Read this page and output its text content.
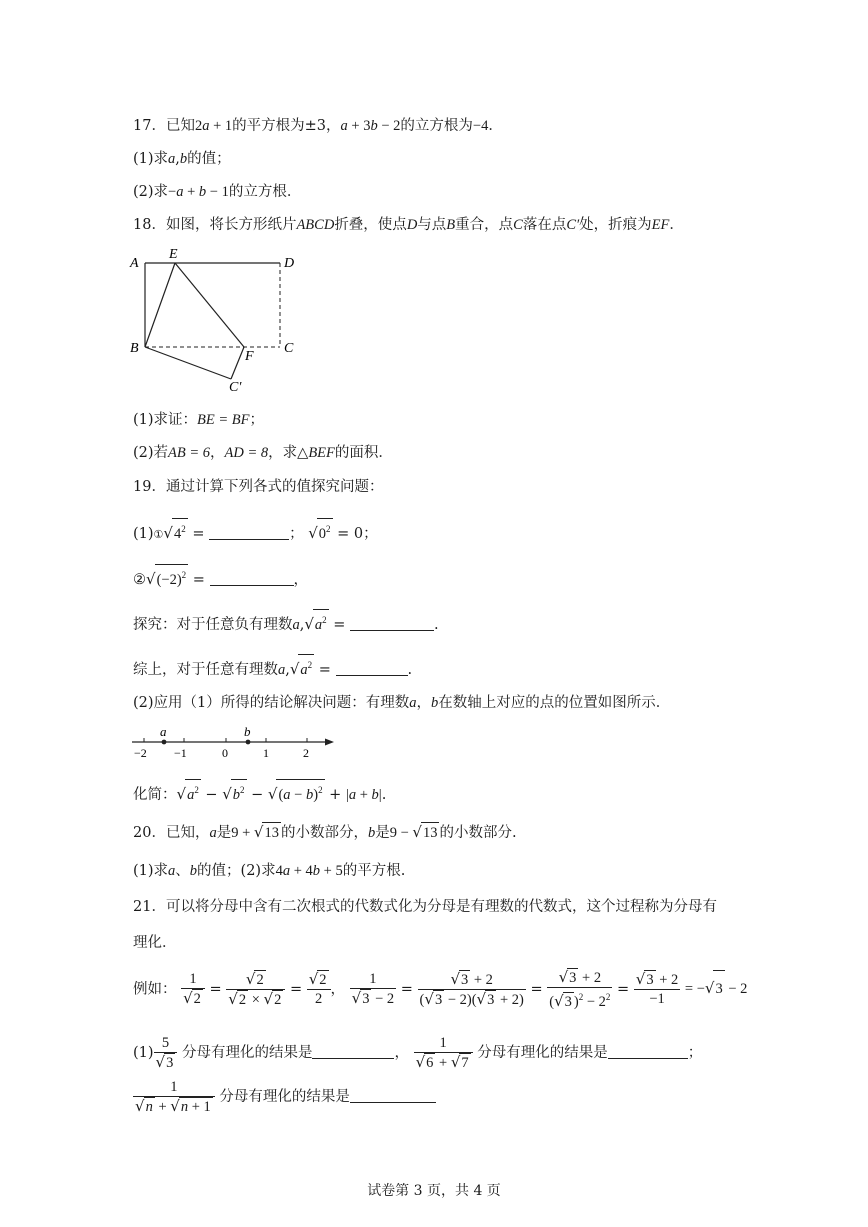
17．已知2a + 1的平方根为±3，a + 3b − 2的立方根为−4．
(1)求a,b的值；
(2)求−a + b − 1的立方根．
18．如图，将长方形纸片ABCD折叠，使点D与点B重合，点C落在点C′处，折痕为EF．
A
E
D
B
F
C
C′
(1)求证：BE = BF；
(2)若AB = 6，AD = 8，求△BEF的面积．
19．通过计算下列各式的值探究问题：
$(1)①√4^2$ =	； $√0^2 = 0$；
$②√(-2)^2$ =	，
探究：对于任意负有理数$a,√a^2$ =	.
综上，对于任意有理数$a,√a^2$ =	.
(2)应用（1）所得的结论解决问题：有理数a，b在数轴上对应的点的位置如图所示．
a	b
−2 −1	0	1	2
化简：$√a^2 - √b^2 - √(a - b)^2 + |a + b|$.
20．已知，a是9 + √13 的小数部分，b是9 − √13 的小数部分.
(1)求a、b的值；(2)求4a + 4b + 5的平方根.
21．可以将分母中含有二次根式的代数式化为分母是有理数的代数式，这个过程称为分母有
理化．
例如： $\frac{1}{√2} = \frac{√2}{√2 \times √2} = \frac{√2}{2}$ ， $\frac{1}{√3 - 2} = \frac{√3 + 2}{(√3 - 2)(√3 + 2)} = \frac{√3 + 2}{(√3 )^2 - 2^2} = \frac{√3 + 2}{-1} = -√3 - 2$
$(1) \frac{5}{√3}$ 分母有理化的结果是	， $\frac{1}{√6 + √7}$ 分母有理化的结果是	；
$\frac{1}{√n + √n + 1}$ 分母有理化的结果是
试卷第 3 页，共 4 页
